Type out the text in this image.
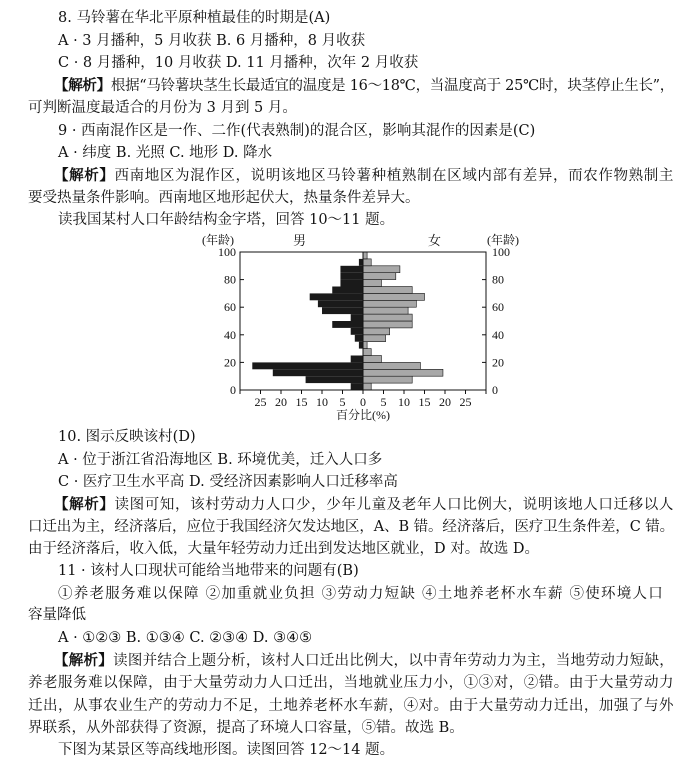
8. 马铃薯在华北平原种植最佳的时期是(A)
A · 3 月播种，5 月收获 B. 6 月播种，8 月收获
C · 8 月播种，10 月收获 D. 11 月播种，次年 2 月收获
【解析】根据“马铃薯块茎生长最适宜的温度是 16～18℃，当温度高于 25℃时，块茎停止生长”，
可判断温度最适合的月份为 3 月到 5 月。
9 · 西南混作区是一作、二作(代表熟制)的混合区，影响其混作的因素是(C)
A · 纬度 B. 光照 C. 地形 D. 降水
【解析】西南地区为混作区，说明该地区马铃薯种植熟制在区域内部有差异，而农作物熟制主
要受热量条件影响。西南地区地形起伏大，热量条件差异大。
读我国某村人口年龄结构金字塔，回答 10～11 题。
(年龄)	(年龄)
男	女
0	0
20	20
40	40
60	60
80	80
100	100
25 20 15 10 5 0 5 10 15 20 25
百分比(%)
10. 图示反映该村(D)
A · 位于浙江省沿海地区 B. 环境优美，迁入人口多
C · 医疗卫生水平高 D. 受经济因素影响人口迁移率高
【解析】读图可知，该村劳动力人口少，少年儿童及老年人口比例大，说明该地人口迁移以人
口迁出为主，经济落后，应位于我国经济欠发达地区，A、B 错。经济落后，医疗卫生条件差，C 错。
由于经济落后，收入低，大量年轻劳动力迁出到发达地区就业，D 对。故选 D。
11 · 该村人口现状可能给当地带来的问题有(B)
①养老服务难以保障 ②加重就业负担 ③劳动力短缺 ④土地养老杯水车薪 ⑤使环境人口
容量降低
A · ①②③ B. ①③④ C. ②③④ D. ③④⑤
【解析】读图并结合上题分析，该村人口迁出比例大，以中青年劳动力为主，当地劳动力短缺，
养老服务难以保障，由于大量劳动力人口迁出，当地就业压力小，①③对，②错。由于大量劳动力
迁出，从事农业生产的劳动力不足，土地养老杯水车薪，④对。由于大量劳动力迁出，加强了与外
界联系，从外部获得了资源，提高了环境人口容量，⑤错。故选 B。
下图为某景区等高线地形图。读图回答 12～14 题。
